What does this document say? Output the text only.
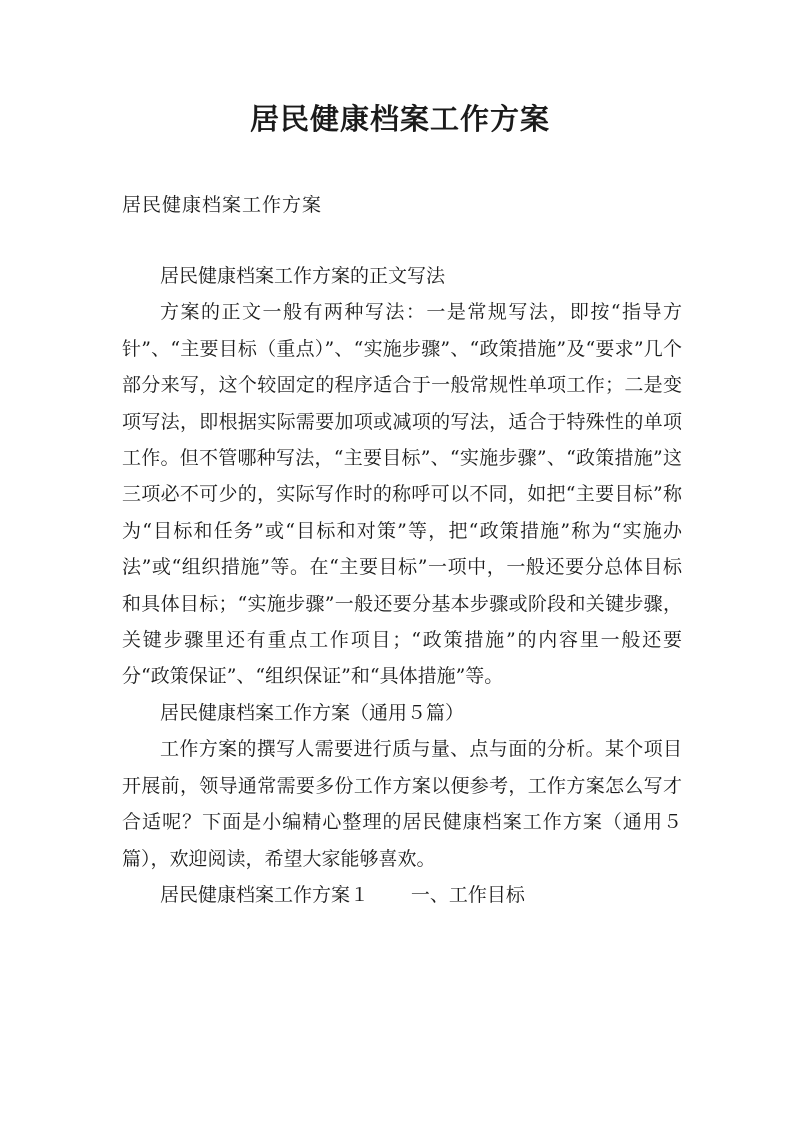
居民健康档案工作方案
居民健康档案工作方案

居民健康档案工作方案的正文写法

方案的正文一般有两种写法：一是常规写法，即按“指导方针”、“主要目标（重点）”、“实施步骤”、“政策措施”及“要求”几个部分来写，这个较固定的程序适合于一般常规性单项工作；二是变项写法，即根据实际需要加项或减项的写法，适合于特殊性的单项工作。但不管哪种写法，“主要目标”、“实施步骤”、“政策措施”这三项必不可少的，实际写作时的称呼可以不同，如把“主要目标”称为“目标和任务”或“目标和对策”等，把“政策措施”称为“实施办法”或“组织措施”等。在“主要目标”一项中，一般还要分总体目标和具体目标；“实施步骤”一般还要分基本步骤或阶段和关键步骤，关键步骤里还有重点工作项目；“政策措施”的内容里一般还要分“政策保证”、“组织保证”和“具体措施”等。

居民健康档案工作方案（通用５篇）

工作方案的撰写人需要进行质与量、点与面的分析。某个项目开展前，领导通常需要多份工作方案以便参考，工作方案怎么写才合适呢？下面是小编精心整理的居民健康档案工作方案（通用５篇），欢迎阅读，希望大家能够喜欢。

居民健康档案工作方案１ 一、工作目标
